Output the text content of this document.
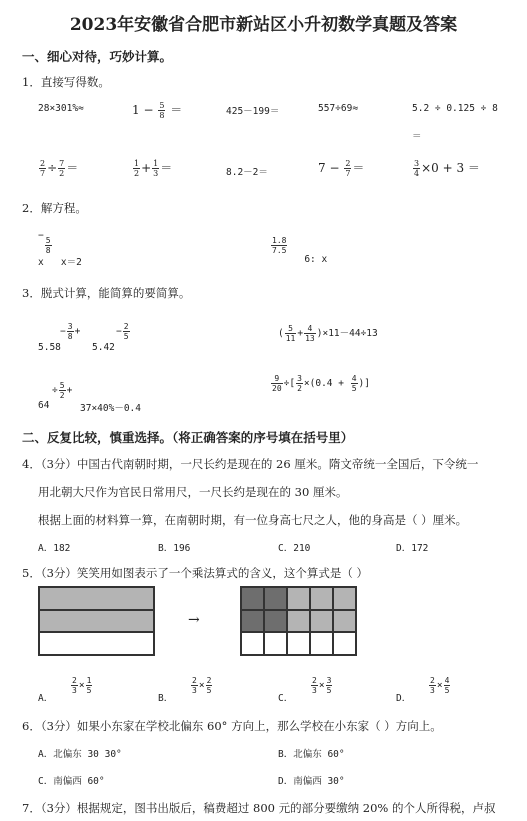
2023年安徽省合肥市新站区小升初数学真题及答案
一、细心对待，巧妙计算。
1．直接写得数。
28×301%≈	$1 - \frac{5}{8}$ ＝	425－199＝	557÷69≈	5.2 ÷ 0.125 ÷ 8
＝
$\frac{2}{7} \div \frac{7}{2}$ ＝	$\frac{1}{2} + \frac{1}{3}$ ＝	8.2－2＝	$7 - \frac{2}{7}$ ＝	$\frac{3}{4} \times 0 + 3$ ＝
2．解方程。
−
$\frac{5}{8}$
x   x＝2
$\frac{1.8}{7.5}$
6: x
3．脱式计算，能简算的要简算。
− $\frac{3}{8}$ +	− $\frac{2}{5}$
5.58	5.42
( $\frac{5}{11} + \frac{4}{13} )\times 11-44\div 13$
$\frac{9}{20}$ ÷[ $\frac{3}{2} \times(0.4 + \frac{4}{5}$ )]
÷ $\frac{5}{2}$ +
64	37×40%－0.4
二、反复比较，慎重选择。（将正确答案的序号填在括号里）
4．（3分）中国古代南朝时期，一尺长约是现在的 26 厘米。隋文帝统一全国后，下令统一
用北朝大尺作为官民日常用尺，一尺长约是现在的 30 厘米。
根据上面的材料算一算，在南朝时期，有一位身高七尺之人，他的身高是（ ）厘米。
A．182	B．196	C．210	D．172
5．（3分）笑笑用如图表示了一个乘法算式的含义，这个算式是（ ）
→
A．
$\frac{2}{3} \times \frac{1}{5}$
B．
$\frac{2}{3} \times \frac{2}{5}$
C．
$\frac{2}{3} \times \frac{3}{5}$
D．
$\frac{2}{3} \times \frac{4}{5}$
6．（3分）如果小东家在学校北偏东 60° 方向上，那么学校在小东家（ ）方向上。
A．北偏东 30 30°	B．北偏东 60°
C．南偏西 60°	D．南偏西 30°
7．（3分）根据规定，图书出版后，稿费超过 800 元的部分要缴纳 20% 的个人所得税，卢叔
